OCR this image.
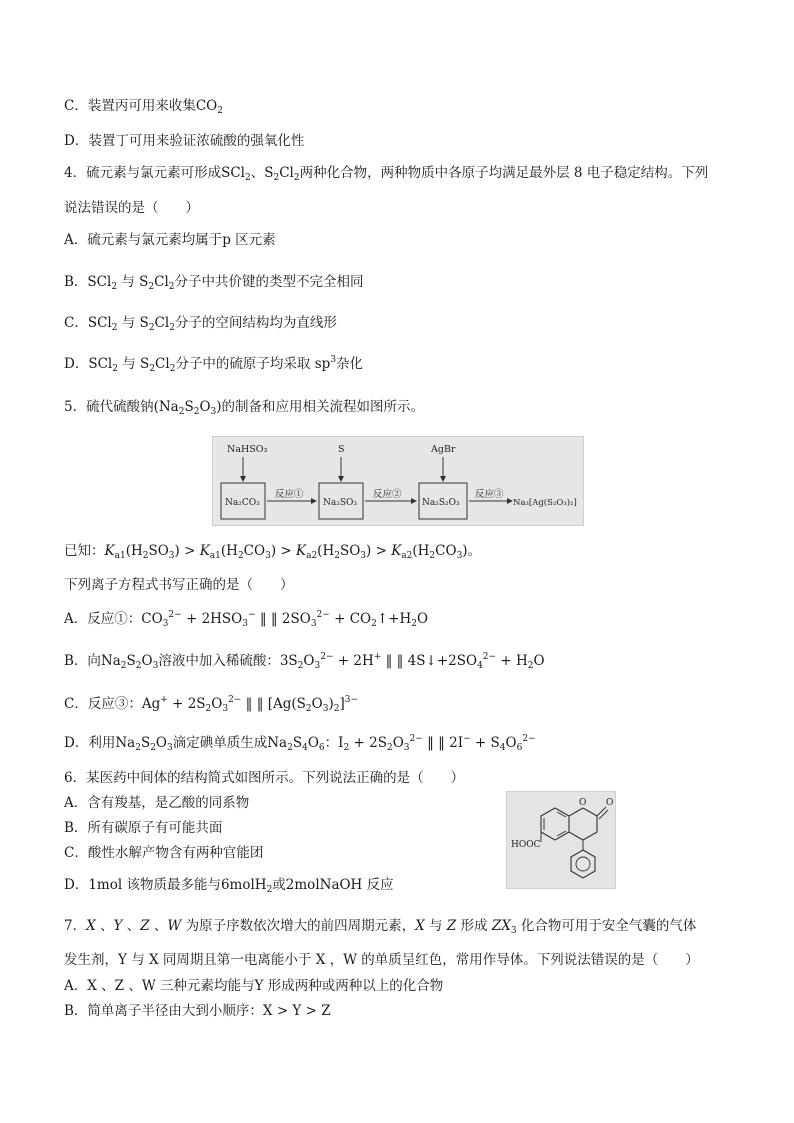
C．装置丙可用来收集$CO_2$
D．装置丁可用来验证浓硫酸的强氧化性
4．硫元素与氯元素可形成SCl$_2$、$S_2Cl_2$两种化合物，两种物质中各原子均满足最外层 8 电子稳定结构。下列
说法错误的是（　　）
A．硫元素与氯元素均属于p 区元素
B．SCl$_2$ 与 $S_2Cl_2$分子中共价键的类型不完全相同
C．SCl$_2$ 与 $S_2Cl_2$分子的空间结构均为直线形
D．SCl$_2$ 与 $S_2Cl_2$分子中的硫原子均采取 $sp^3$杂化
5．硫代硫酸钠$(Na_2S_2O_3)$的制备和应用相关流程如图所示。
NaHSO₃	S	AgBr
Na₂CO₃	Na₂SO₃	Na₂S₂O₃
反应①	反应②	反应③
Na₃[Ag(S₂O₃)₂]
已知：$K_{a1}(H_2SO_3) > K_{a1}(H_2CO_3) > K_{a2}(H_2SO_3) > K_{a2}(H_2CO_3)$。
下列离子方程式书写正确的是（　　）
A．反应①：$CO_3^{2-} + 2HSO_3^-$ ‖ ‖ $2SO_3^{2-}$ + $CO_2↑+H_2O$
B．向$Na_2S_2O_3$溶液中加入稀硫酸：$3S_2O_3^{2-} + 2H^+$ ‖ ‖ $4S↓+2SO_4^{2-} + H_2O$
C．反应③：$Ag^+ + 2S_2O_3^{2-}$ ‖ ‖ $[Ag(S_2O_3)_2]^{3-}$
D．利用$Na_2S_2O_3$滴定碘单质生成$Na_2S_4O_6$：$I_2 + 2S_2O_3^{2-}$ ‖ ‖ $2I^- + S_4O_6^{2-}$
6．某医药中间体的结构简式如图所示。下列说法正确的是（　　）
A．含有羧基，是乙酸的同系物
B．所有碳原子有可能共面
C．酸性水解产物含有两种官能团
D．1mol 该物质最多能与6molH$_2$或2molNaOH 反应
O O
HOOC
7．X 、Y 、Z 、W 为原子序数依次增大的前四周期元素，X 与 Z 形成 $ZX_3$ 化合物可用于安全气囊的气体
发生剂，Y 与 X 同周期且第一电离能小于 X ，W 的单质呈红色，常用作导体。下列说法错误的是（　　）
A．X 、Z 、W 三种元素均能与Y 形成两种或两种以上的化合物
B．简单离子半径由大到小顺序：X > Y > Z
